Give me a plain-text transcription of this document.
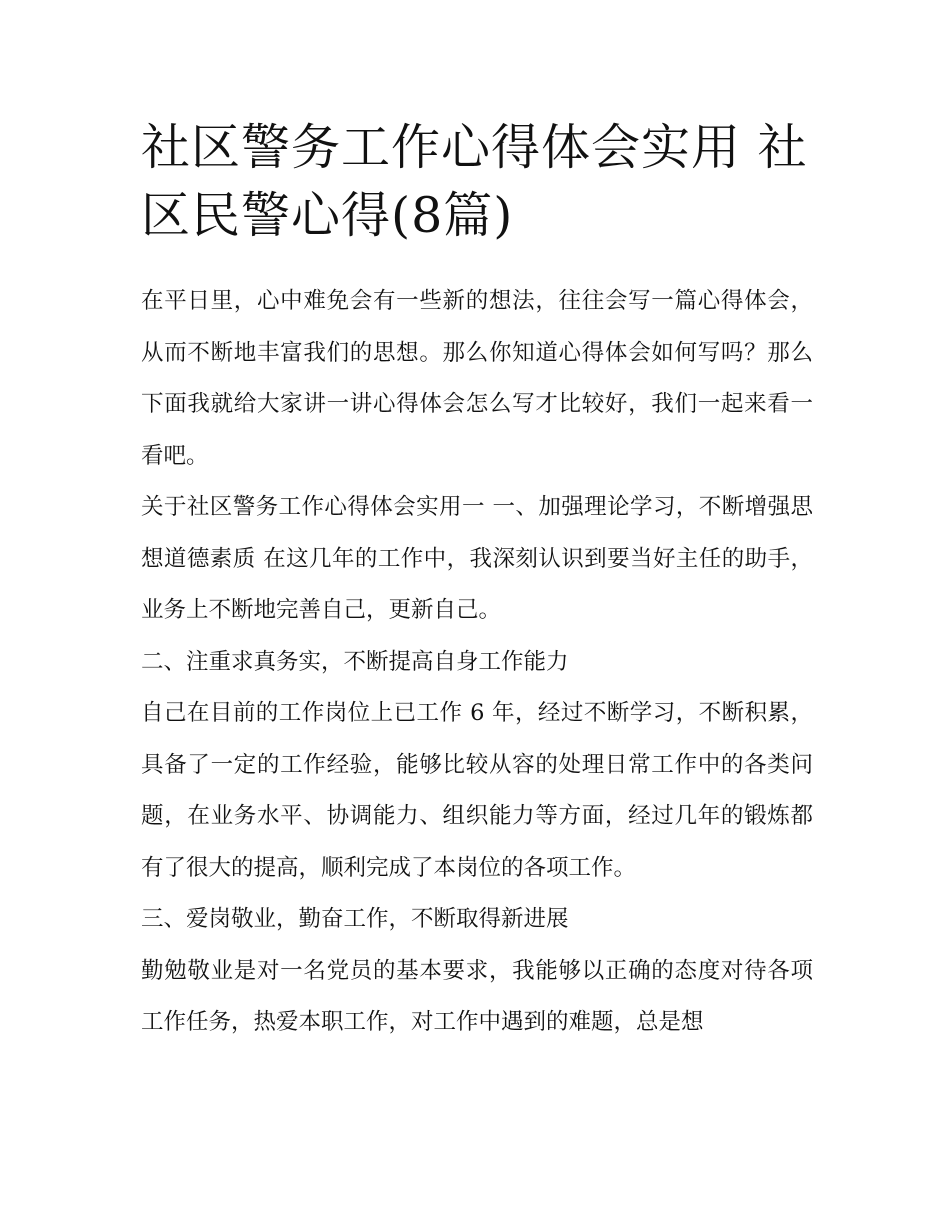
社区警务工作心得体会实用 社区民警心得(8篇)

在平日里，心中难免会有一些新的想法，往往会写一篇心得体会，从而不断地丰富我们的思想。那么你知道心得体会如何写吗？那么下面我就给大家讲一讲心得体会怎么写才比较好，我们一起来看一看吧。

关于社区警务工作心得体会实用一 一、加强理论学习，不断增强思想道德素质 在这几年的工作中，我深刻认识到要当好主任的助手，业务上不断地完善自己，更新自己。

二、注重求真务实，不断提高自身工作能力

自己在目前的工作岗位上已工作 6 年，经过不断学习，不断积累，具备了一定的工作经验，能够比较从容的处理日常工作中的各类问题，在业务水平、协调能力、组织能力等方面，经过几年的锻炼都有了很大的提高，顺利完成了本岗位的各项工作。

三、爱岗敬业，勤奋工作，不断取得新进展

勤勉敬业是对一名党员的基本要求，我能够以正确的态度对待各项工作任务，热爱本职工作，对工作中遇到的难题，总是想
